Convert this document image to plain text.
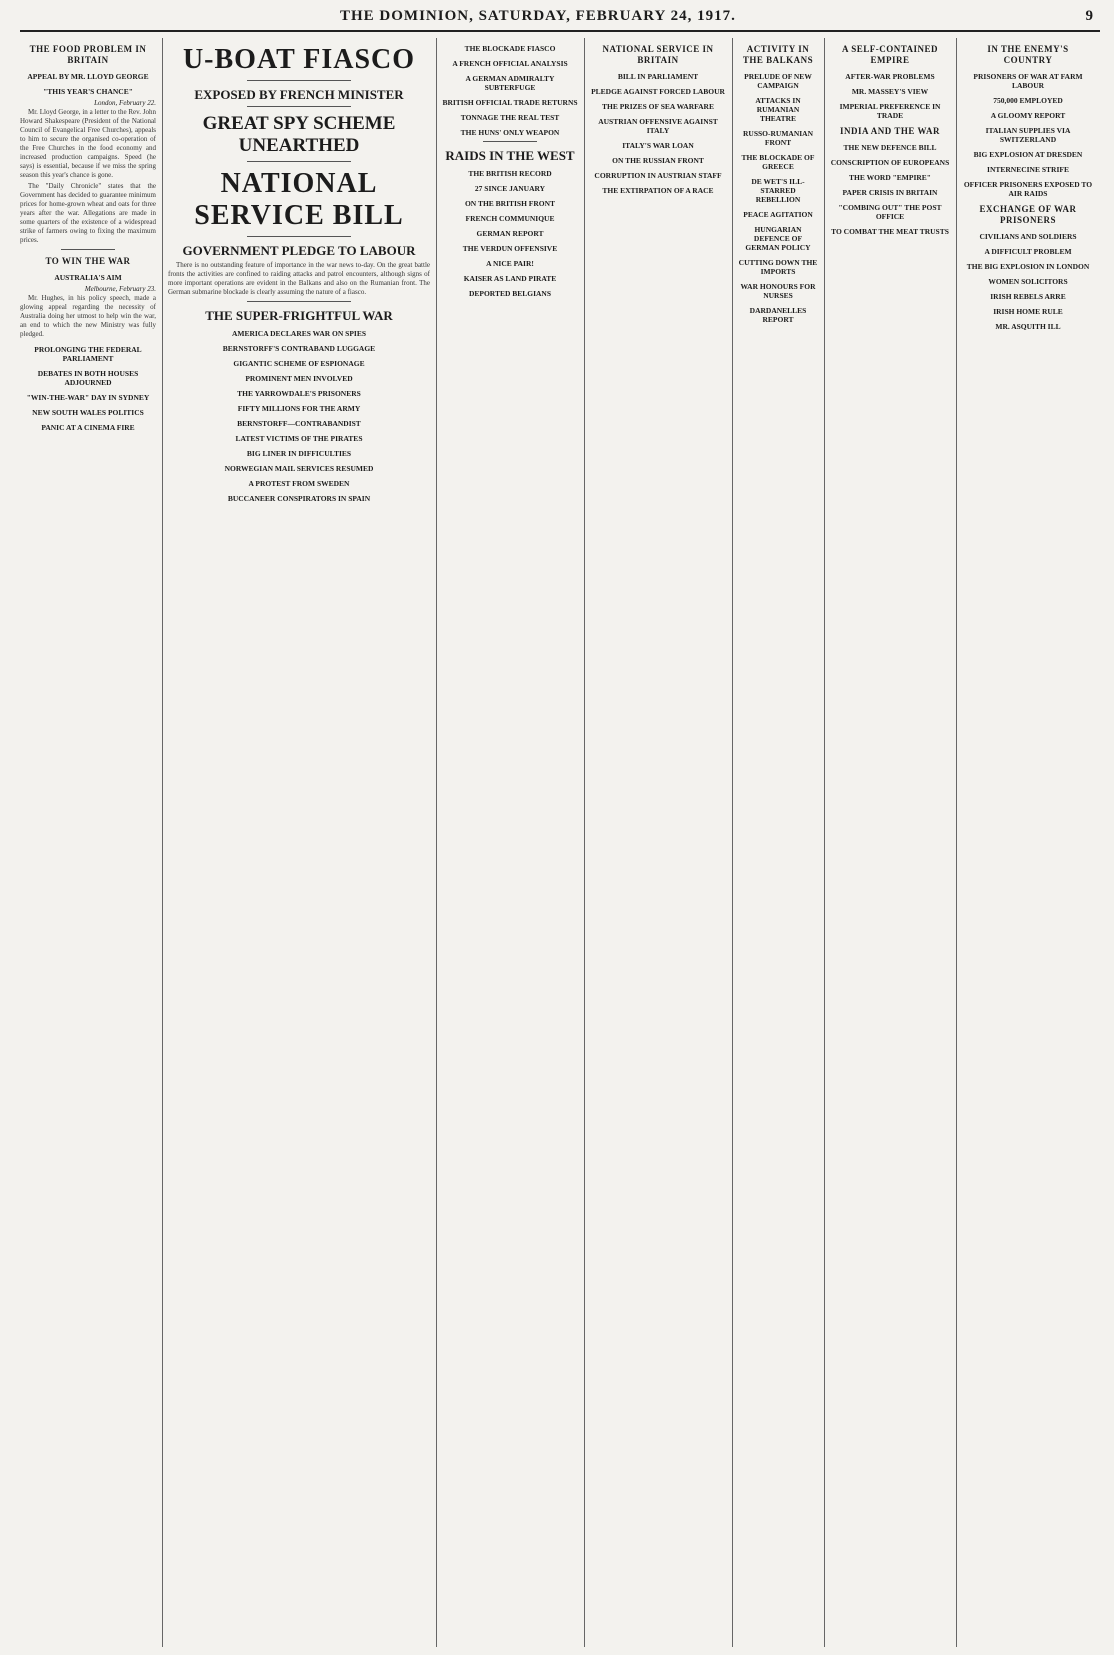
THE DOMINION, SATURDAY, FEBRUARY 24, 1917.	9
THE FOOD PROBLEM IN BRITAIN
APPEAL BY MR. LLOYD GEORGE
"THIS YEAR'S CHANCE"
London, February 22.

Mr. Lloyd George, in a letter to the Rev. John Howard Shakespeare (President of the National Council of Evangelical Free Churches), appeals to him to secure the organised co-operation of the Free Churches in the food economy and increased production campaigns. Speed (he says) is essential, because if we miss the spring season this year's chance is gone.

The "Daily Chronicle" states that the Government has decided to guarantee minimum prices for home-grown wheat and oats for three years after the war. Allegations are made in some quarters of the existence of a widespread strike of farmers owing to fixing the maximum prices.

TO WIN THE WAR
AUSTRALIA'S AIM
Melbourne, February 23.

Mr. Hughes, in his policy speech, made a glowing appeal regarding the necessity of Australia doing her utmost to help win the war, an end to which the new Ministry was fully pledged.

PROLONGING THE FEDERAL PARLIAMENT
DEBATES IN BOTH HOUSES ADJOURNED
"WIN-THE-WAR" DAY IN SYDNEY
NEW SOUTH WALES POLITICS
PANIC AT A CINEMA FIRE
U-BOAT FIASCO
EXPOSED BY FRENCH MINISTER
GREAT SPY SCHEME UNEARTHED
NATIONAL SERVICE BILL
GOVERNMENT PLEDGE TO LABOUR

There is no outstanding feature of importance in the war news to-day. On the great battle fronts the activities are confined to raiding attacks and patrol encounters, although signs of more important operations are evident in the Balkans and also on the Rumanian front. The German submarine blockade is clearly assuming the nature of a fiasco.

THE SUPER-FRIGHTFUL WAR
AMERICA DECLARES WAR ON SPIES
BERNSTORFF'S CONTRABAND LUGGAGE
GIGANTIC SCHEME OF ESPIONAGE
PROMINENT MEN INVOLVED
THE YARROWDALE'S PRISONERS
FIFTY MILLIONS FOR THE ARMY
BERNSTORFF—CONTRABANDIST
LATEST VICTIMS OF THE PIRATES
BIG LINER IN DIFFICULTIES
NORWEGIAN MAIL SERVICES RESUMED
A PROTEST FROM SWEDEN
BUCCANEER CONSPIRATORS IN SPAIN
THE BLOCKADE FIASCO
A FRENCH OFFICIAL ANALYSIS
A GERMAN ADMIRALTY SUBTERFUGE
BRITISH OFFICIAL TRADE RETURNS
TONNAGE THE REAL TEST
THE HUNS' ONLY WEAPON
RAIDS IN THE WEST
THE BRITISH RECORD
27 SINCE JANUARY
ON THE BRITISH FRONT
FRENCH COMMUNIQUE
GERMAN REPORT
THE VERDUN OFFENSIVE
A NICE PAIR!
KAISER AS LAND PIRATE
DEPORTED BELGIANS
NATIONAL SERVICE IN BRITAIN
BILL IN PARLIAMENT
PLEDGE AGAINST FORCED LABOUR
THE PRIZES OF SEA WARFARE
AUSTRIAN OFFENSIVE AGAINST ITALY
ITALY'S WAR LOAN
ON THE RUSSIAN FRONT
CORRUPTION IN AUSTRIAN STAFF
THE EXTIRPATION OF A RACE
ACTIVITY IN THE BALKANS
PRELUDE OF NEW CAMPAIGN
ATTACKS IN RUMANIAN THEATRE
RUSSO-RUMANIAN FRONT
THE BLOCKADE OF GREECE
DE WET'S ILL-STARRED REBELLION
PEACE AGITATION
HUNGARIAN DEFENCE OF GERMAN POLICY
CUTTING DOWN THE IMPORTS
WAR HONOURS FOR NURSES
DARDANELLES REPORT
A SELF-CONTAINED EMPIRE
AFTER-WAR PROBLEMS
MR. MASSEY'S VIEW
IMPERIAL PREFERENCE IN TRADE
INDIA AND THE WAR
THE NEW DEFENCE BILL
CONSCRIPTION OF EUROPEANS
THE WORD "EMPIRE"
PAPER CRISIS IN BRITAIN
"COMBING OUT" THE POST OFFICE
TO COMBAT THE MEAT TRUSTS
IN THE ENEMY'S COUNTRY
PRISONERS OF WAR AT FARM LABOUR
750,000 EMPLOYED
A GLOOMY REPORT
ITALIAN SUPPLIES VIA SWITZERLAND
BIG EXPLOSION AT DRESDEN
INTERNECINE STRIFE
OFFICER PRISONERS EXPOSED TO AIR RAIDS
EXCHANGE OF WAR PRISONERS
CIVILIANS AND SOLDIERS
A DIFFICULT PROBLEM
THE BIG EXPLOSION IN LONDON
WOMEN SOLICITORS
IRISH REBELS ARRE
IRISH HOME RULE
MR. ASQUITH ILL
